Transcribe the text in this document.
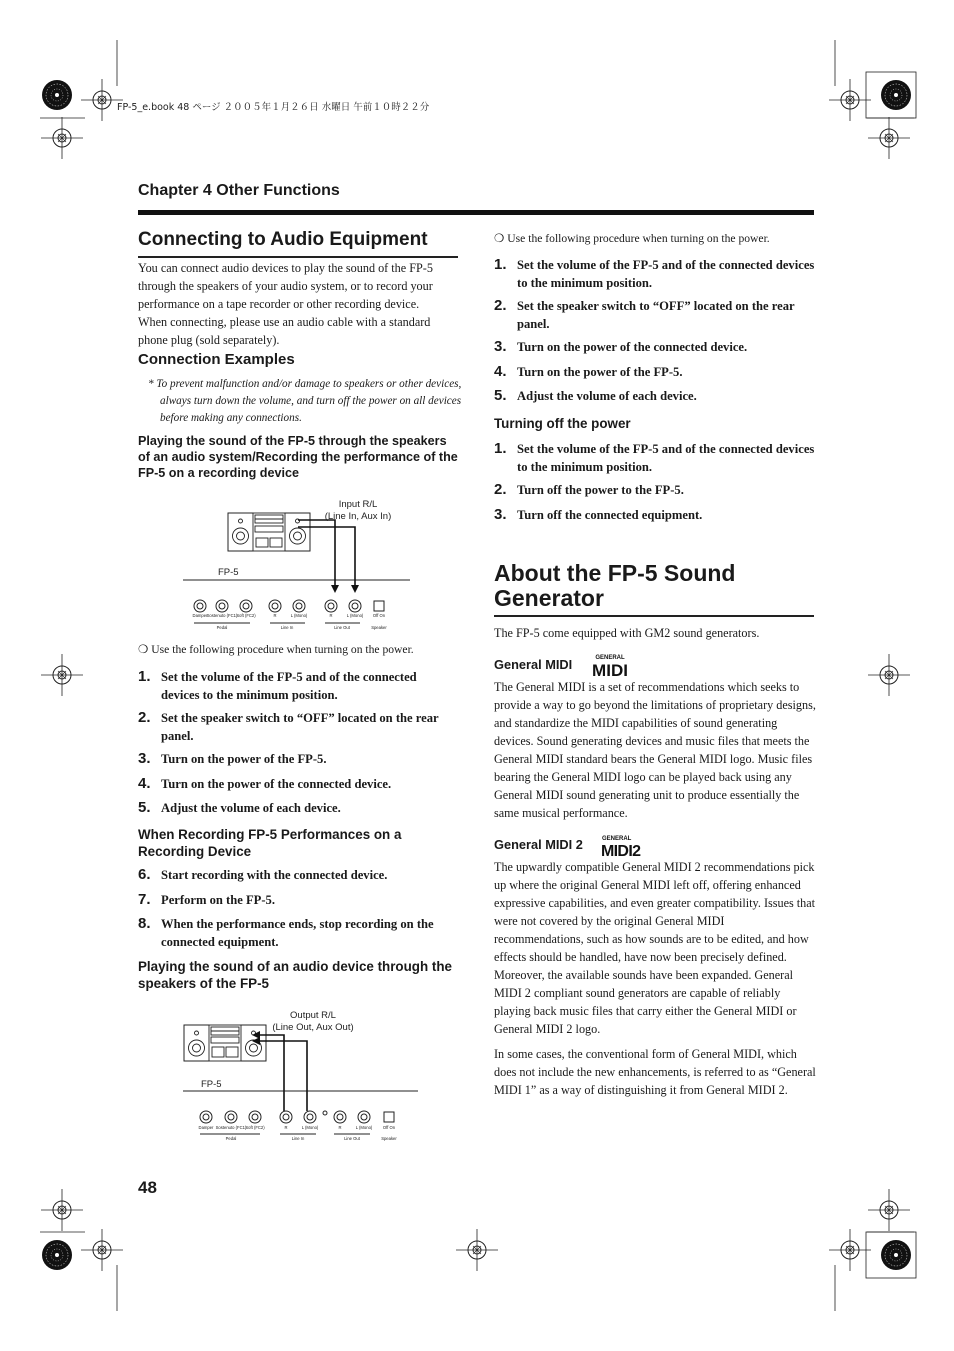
FP-5_e.book 48 ページ ２００５年１月２６日 水曜日 午前１０時２２分
Chapter 4 Other Functions
Connecting to Audio Equipment
You can connect audio devices to play the sound of the FP-5 through the speakers of your audio system, or to record your performance on a tape recorder or other recording device.
When connecting, please use an audio cable with a standard phone plug (sold separately).
Connection Examples
* To prevent malfunction and/or damage to speakers or other devices, always turn down the volume, and turn off the power on all devices before making any connections.
Playing the sound of the FP-5 through the speakers of an audio system/Recording the performance of the FP-5 on a recording device
Damper Sostenuto (FC1)
Soft (FC2)	R	L (Mono)	R	L (Mono) Off On
Pedal	Line In	Line Out	Speaker
Input R/L
(Line In, Aux In)
FP-5
❍ Use the following procedure when turning on the power.
1. Set the volume of the FP-5 and of the connected devices to the minimum position.
2. Set the speaker switch to “OFF” located on the rear panel.
3. Turn on the power of the FP-5.
4. Turn on the power of the connected device.
5. Adjust the volume of each device.
When Recording FP-5 Performances on a Recording Device
6. Start recording with the connected device.
7. Perform on the FP-5.
8. When the performance ends, stop recording on the connected equipment.
Playing the sound of an audio device through the speakers of the FP-5
Damper Sostenuto (FC1)
Soft (FC2)	R	L (Mono)	R	L (Mono)	Off On
Pedal	Line In	Line Out	Speaker
Output R/L
(Line Out, Aux Out)
FP-5
❍ Use the following procedure when turning on the power.
1. Set the volume of the FP-5 and of the connected devices to the minimum position.
2. Set the speaker switch to “OFF” located on the rear panel.
3. Turn on the power of the connected device.
4. Turn on the power of the FP-5.
5. Adjust the volume of each device.
Turning off the power
1. Set the volume of the FP-5 and of the connected devices to the minimum position.
2. Turn off the power to the FP-5.
3. Turn off the connected equipment.
About the FP-5 Sound Generator
The FP-5 come equipped with GM2 sound generators.
General MIDI	GENERAL
MIDI
The General MIDI is a set of recommendations which seeks to provide a way to go beyond the limitations of proprietary designs, and standardize the MIDI capabilities of sound generating devices. Sound generating devices and music files that meets the General MIDI standard bears the General MIDI logo. Music files bearing the General MIDI logo can be played back using any General MIDI sound generating unit to produce essentially the same musical performance.
General MIDI 2	GENERAL
MIDI2
The upwardly compatible General MIDI 2 recommendations pick up where the original General MIDI left off, offering enhanced expressive capabilities, and even greater compatibility. Issues that were not covered by the original General MIDI recommendations, such as how sounds are to be edited, and how effects should be handled, have now been precisely defined. Moreover, the available sounds have been expanded. General MIDI 2 compliant sound generators are capable of reliably playing back music files that carry either the General MIDI or General MIDI 2 logo.
In some cases, the conventional form of General MIDI, which does not include the new enhancements, is referred to as “General MIDI 1” as a way of distinguishing it from General MIDI 2.
48
